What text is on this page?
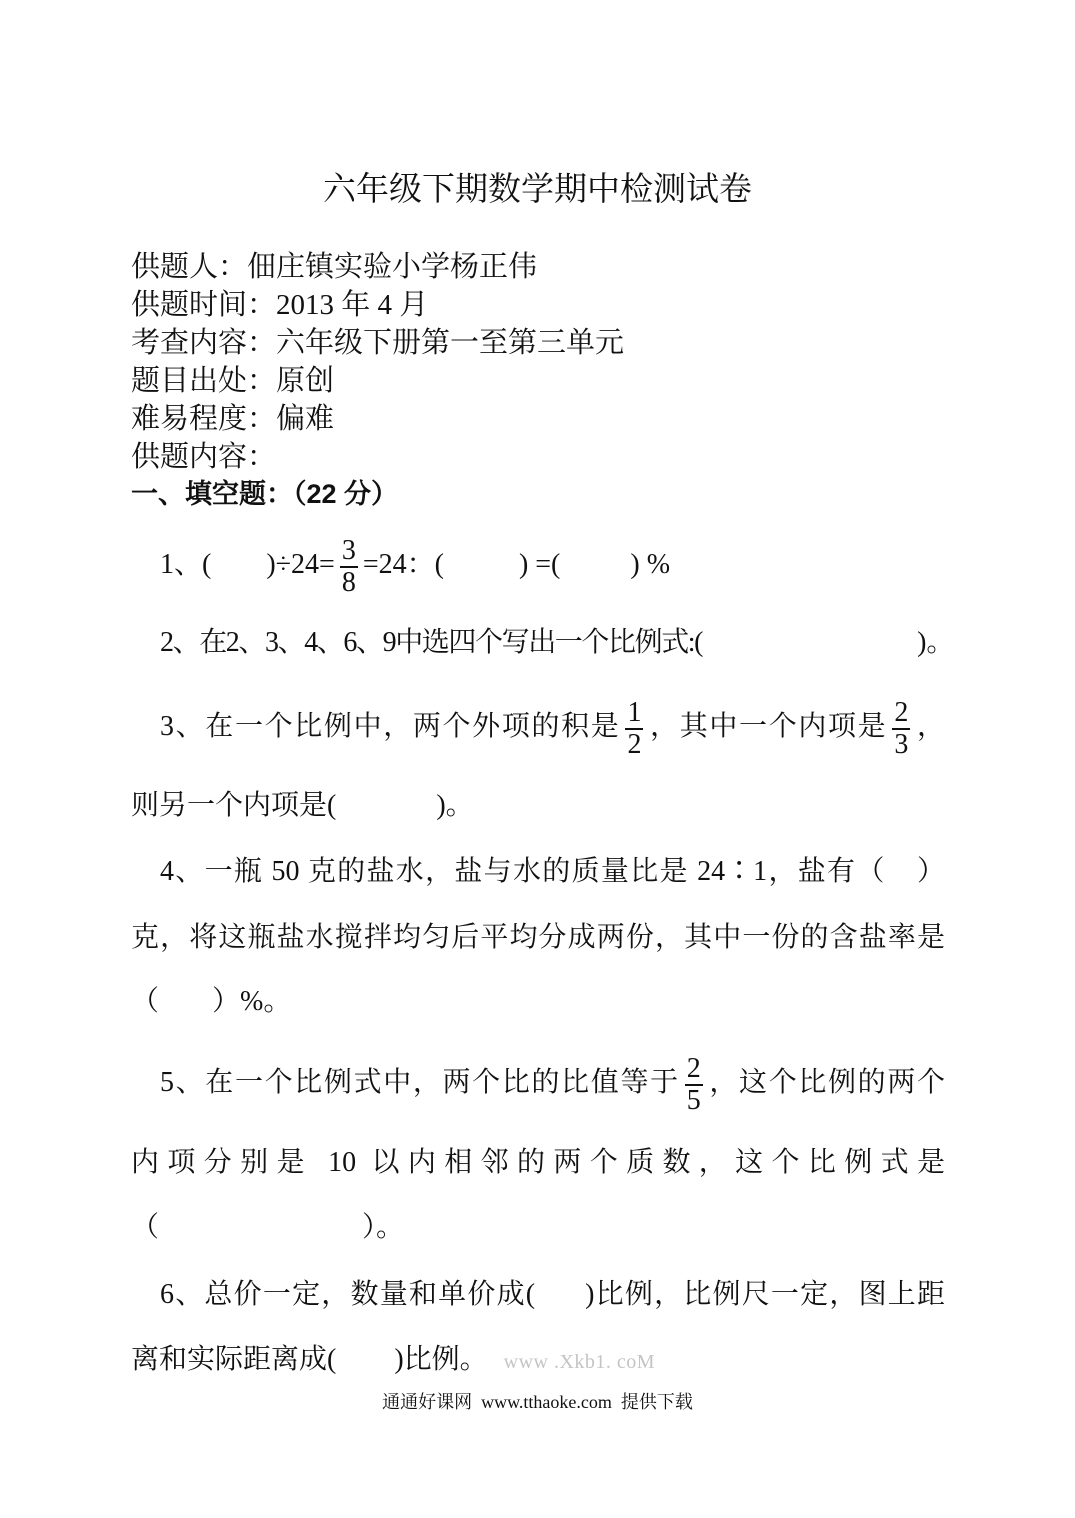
六年级下期数学期中检测试卷
供题人：佃庄镇实验小学杨正伟
供题时间：2013 年 4 月
考查内容：六年级下册第一至第三单元
题目出处：原创
难易程度：偏难
供题内容：
一、填空题：（22 分）
1、( )$\div 24= \frac{3}{8} =24$：(	) =(	) %
2、在2、3、4、6、9中选四个写出一个比例式:(	)。
3、在一个比例中，两个外项的积是 $\frac{1}{2}$ ，其中一个内项是 $\frac{2}{3}$ ，
则另一个内项是(	)。
4、一瓶 50 克的盐水，盐与水的质量比是 24∶1，盐有（ ）
克，将这瓶盐水搅拌均匀后平均分成两份，其中一份的含盐率是
（ ）%。
5、在一个比例式中，两个比的比值等于 $\frac{2}{5}$ ，这个比例的两个
内项分别是 10 以内相邻的两个质数，这个比例式是
（	）。
6、总价一定，数量和单价成( )比例，比例尺一定，图上距
离和实际距离成( )比例。 www .Xkb1. coM
通通好课网  www.tthaoke.com  提供下载
